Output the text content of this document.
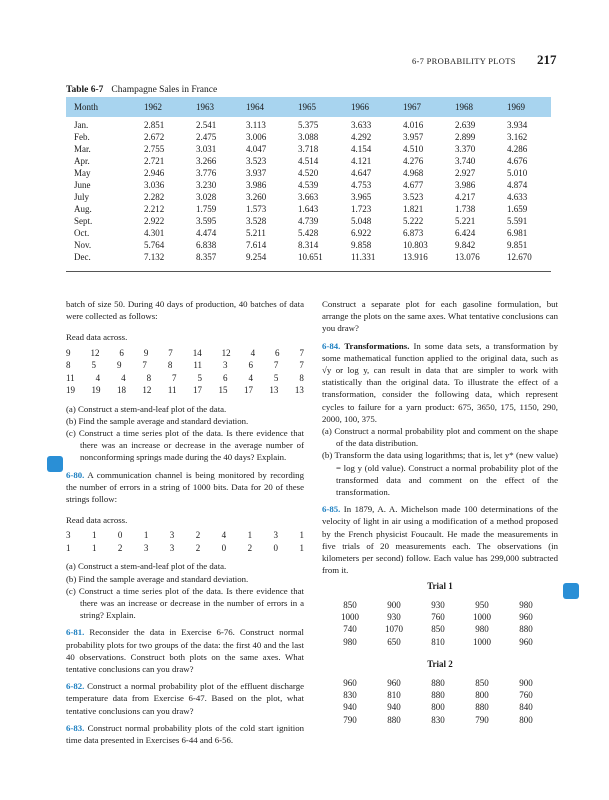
6-7 PROBABILITY PLOTS 217
Table 6-7 Champagne Sales in France
Month	1962	1963	1964	1965	1966	1967	1968	1969
Jan.	2.851	2.541	3.113	5.375	3.633	4.016	2.639	3.934
Feb.	2.672	2.475	3.006	3.088	4.292	3.957	2.899	3.162
Mar.	2.755	3.031	4.047	3.718	4.154	4.510	3.370	4.286
Apr.	2.721	3.266	3.523	4.514	4.121	4.276	3.740	4.676
May	2.946	3.776	3.937	4.520	4.647	4.968	2.927	5.010
June	3.036	3.230	3.986	4.539	4.753	4.677	3.986	4.874
July	2.282	3.028	3.260	3.663	3.965	3.523	4.217	4.633
Aug.	2.212	1.759	1.573	1.643	1.723	1.821	1.738	1.659
Sept.	2.922	3.595	3.528	4.739	5.048	5.222	5.221	5.591
Oct.	4.301	4.474	5.211	5.428	6.922	6.873	6.424	6.981
Nov.	5.764	6.838	7.614	8.314	9.858	10.803	9.842	9.851
Dec.	7.132	8.357	9.254	10.651	11.331	13.916	13.076	12.670

batch of size 50. During 40 days of production, 40 batches of data were collected as follows:

Read data across.

9 12 6 9 7 14 12 4 6 7
8 5 9 7 8 11 3 6 7 7
11 4 4 8 7 5 6 4 5 8
19 19 18 12 11 17 15 17 13 13

(a) Construct a stem-and-leaf plot of the data.

(b) Find the sample average and standard deviation.

(c) Construct a time series plot of the data. Is there evidence that there was an increase or decrease in the average number of nonconforming springs made during the 40 days? Explain.

6-80. A communication channel is being monitored by recording the number of errors in a string of 1000 bits. Data for 20 of these strings follow:

Read data across.

3 1 0 1 3 2 4 1 3 1
1 1 2 3 3 2 0 2 0 1

(a) Construct a stem-and-leaf plot of the data.

(b) Find the sample average and standard deviation.

(c) Construct a time series plot of the data. Is there evidence that there was an increase or decrease in the number of errors in a string? Explain.

6-81. Reconsider the data in Exercise 6-76. Construct normal probability plots for two groups of the data: the first 40 and the last 40 observations. Construct both plots on the same axes. What tentative conclusions can you draw?

6-82. Construct a normal probability plot of the effluent discharge temperature data from Exercise 6-47. Based on the plot, what tentative conclusions can you draw?

6-83. Construct normal probability plots of the cold start ignition time data presented in Exercises 6-44 and 6-56.

Construct a separate plot for each gasoline formulation, but arrange the plots on the same axes. What tentative conclusions can you draw?

6-84. Transformations. In some data sets, a transformation by some mathematical function applied to the original data, such as √y or log y, can result in data that are simpler to work with statistically than the original data. To illustrate the effect of a transformation, consider the following data, which represent cycles to failure for a yarn product: 675, 3650, 175, 1150, 290, 2000, 100, 375.

(a) Construct a normal probability plot and comment on the shape of the data distribution.

(b) Transform the data using logarithms; that is, let y* (new value) = log y (old value). Construct a normal probability plot of the transformed data and comment on the effect of the transformation.

6-85. In 1879, A. A. Michelson made 100 determinations of the velocity of light in air using a modification of a method proposed by the French physicist Foucault. He made the measurements in five trials of 20 measurements each. The observations (in kilometers per second) follow. Each value has 299,000 subtracted from it.

Trial 1
850	900	930	950	980
1000	930	760	1000	960
740	1070	850	980	880
980	650	810	1000	960
Trial 2
960	960	880	850	900
830	810	880	800	760
940	940	800	880	840
790	880	830	790	800
